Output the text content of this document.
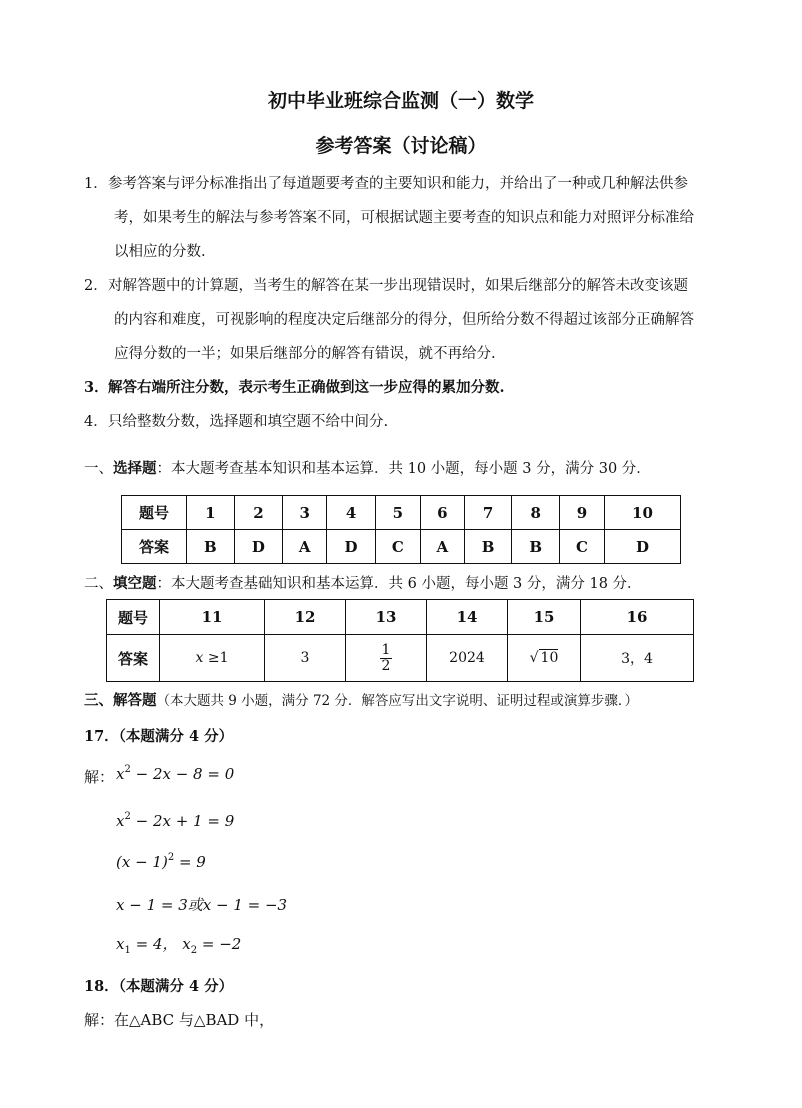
初中毕业班综合监测（一）数学
参考答案（讨论稿）
1．参考答案与评分标准指出了每道题要考查的主要知识和能力，并给出了一种或几种解法供参
考，如果考生的解法与参考答案不同，可根据试题主要考查的知识点和能力对照评分标准给
以相应的分数.
2．对解答题中的计算题，当考生的解答在某一步出现错误时，如果后继部分的解答未改变该题
的内容和难度，可视影响的程度决定后继部分的得分，但所给分数不得超过该部分正确解答
应得分数的一半；如果后继部分的解答有错误，就不再给分.
3．解答右端所注分数，表示考生正确做到这一步应得的累加分数.
4．只给整数分数，选择题和填空题不给中间分.
一、选择题：本大题考查基本知识和基本运算．共 10 小题，每小题 3 分，满分 30 分．
题号	1	2	3	4	5	6	7	8	9	10
答案	B	D	A	D	C	A	B	B	C	D
二、填空题：本大题考查基础知识和基本运算．共 6 小题，每小题 3 分，满分 18 分．
题号	11	12	13	14	15	16
答案	x ≥1	3	$\frac{1}{2}$	2024	√ 10	3，4
三、解答题（本大题共 9 小题，满分 72 分．解答应写出文字说明、证明过程或演算步骤．）
17．（本题满分 4 分）
解： $x^2 - 2x - 8 = 0$
$x^2 - 2x + 1 = 9$
$(x - 1)^2 = 9$
x − 1 = 3或x − 1 = −3
$x_1 = 4$， $x_2 = -2$
18．（本题满分 4 分）
解：在△ABC 与△BAD 中，
